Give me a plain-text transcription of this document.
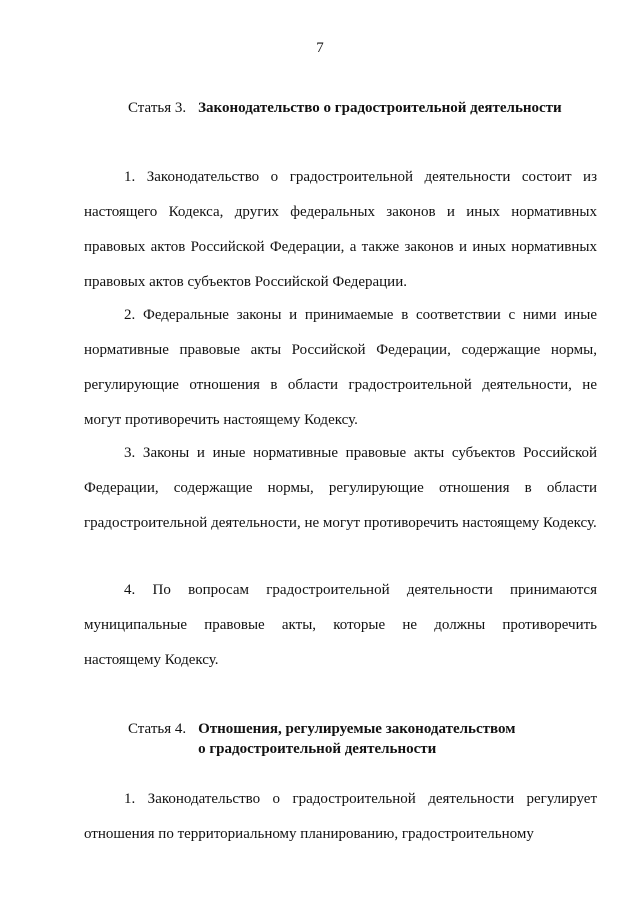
7
Статья 3. Законодательство о градостроительной деятельности

1. Законодательство о градостроительной деятельности состоит из настоящего Кодекса, других федеральных законов и иных нормативных правовых актов Российской Федерации, а также законов и иных нормативных правовых актов субъектов Российской Федерации.

2. Федеральные законы и принимаемые в соответствии с ними иные нормативные правовые акты Российской Федерации, содержащие нормы, регулирующие отношения в области градостроительной деятельности, не могут противоречить настоящему Кодексу.

3. Законы и иные нормативные правовые акты субъектов Российской Федерации, содержащие нормы, регулирующие отношения в области градостроительной деятельности, не могут противоречить настоящему Кодексу.

4. По вопросам градостроительной деятельности принимаются муниципальные правовые акты, которые не должны противоречить настоящему Кодексу.

Статья 4. Отношения, регулируемые законодательством
о градостроительной деятельности

1. Законодательство о градостроительной деятельности регулирует отношения по территориальному планированию, градостроительному
